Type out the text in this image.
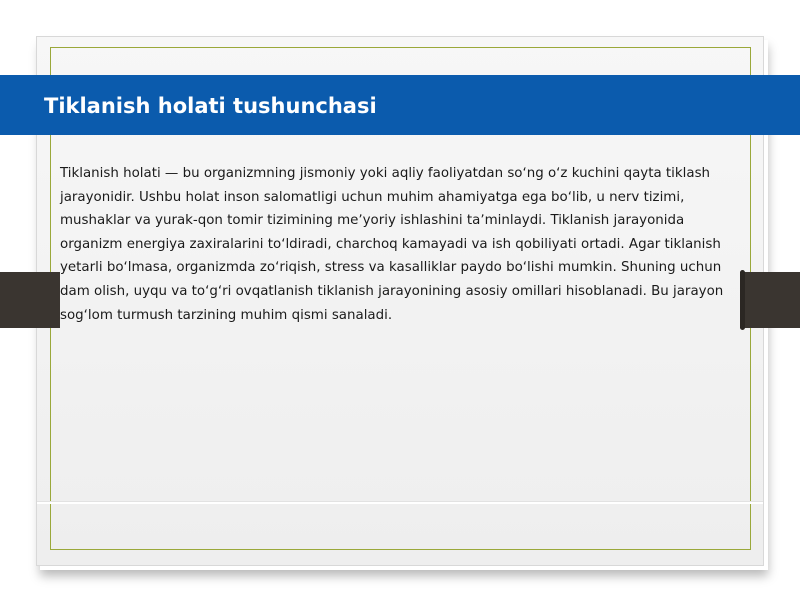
Tiklanish holati tushunchasi
Tiklanish holati — bu organizmning jismoniy yoki aqliy faoliyatdan soʻng oʻz kuchini qayta tiklash jarayonidir. Ushbu holat inson salomatligi uchun muhim ahamiyatga ega boʻlib, u nerv tizimi, mushaklar va yurak-qon tomir tizimining meʼyoriy ishlashini taʼminlaydi. Tiklanish jarayonida organizm energiya zaxiralarini toʻldiradi, charchoq kamayadi va ish qobiliyati ortadi. Agar tiklanish yetarli boʻlmasa, organizmda zoʻriqish, stress va kasalliklar paydo boʻlishi mumkin. Shuning uchun dam olish, uyqu va toʻgʻri ovqatlanish tiklanish jarayonining asosiy omillari hisoblanadi. Bu jarayon sogʻlom turmush tarzining muhim qismi sanaladi.
